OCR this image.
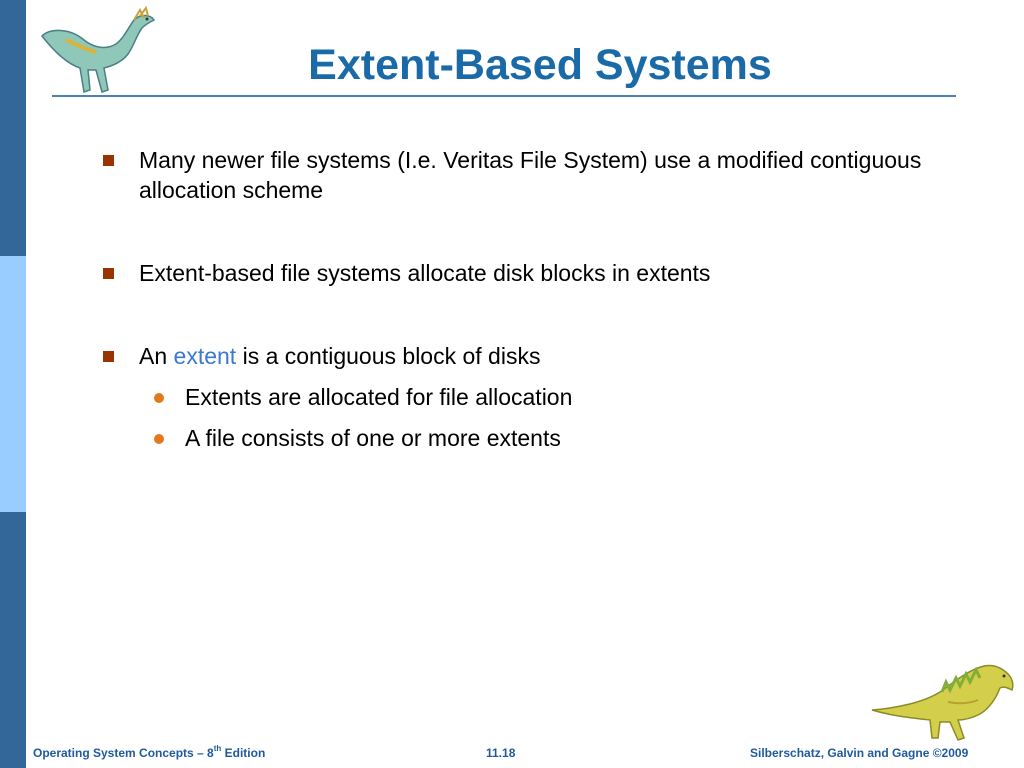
Extent-Based Systems
Many newer file systems (I.e. Veritas File System) use a modified contiguous allocation scheme
Extent-based file systems allocate disk blocks in extents
An extent is a contiguous block of disks
Extents are allocated for file allocation
A file consists of one or more extents
Operating System Concepts – 8th Edition	11.18	Silberschatz, Galvin and Gagne ©2009
